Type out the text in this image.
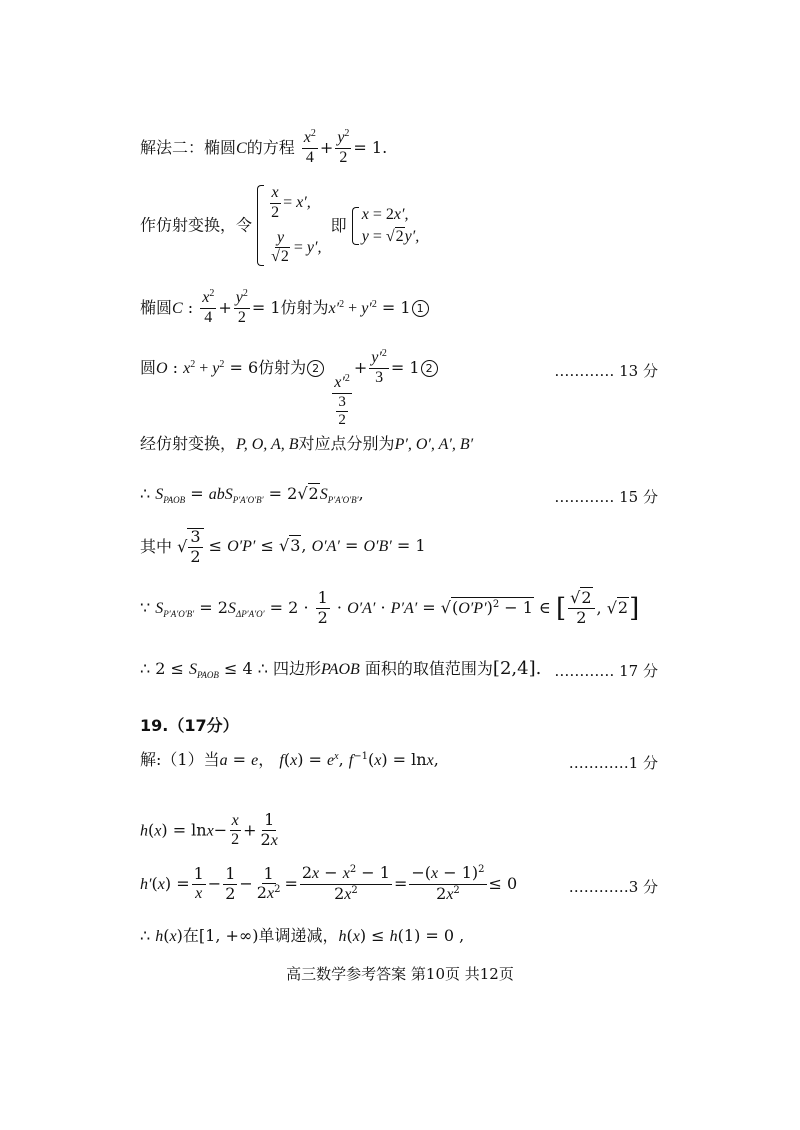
解法二：椭圆C的方程 $\frac{x^2}{4} + \frac{y^2}{2} = 1$.
作仿射变换，令
$\frac{x}{2} = x'$,
$\frac{y}{√2} = y'$,
即
x = 2x′,
y = √2y′,
椭圆C : $\frac{x^2}{4} + \frac{y^2}{2} = 1$仿射为$x'^2 + y'^2 = 1$ 1
圆O : $x^2 + y^2 = 6$仿射为 2
$\frac{x'^2}{\frac{3}{2}}$
+ $\frac{y'^2}{3} = 1$ 2	………… 13 分
经仿射变换，P, O, A, B对应点分别为P′, O′, A′, B′
∴ $S_{PAOB} = abS_{P'A'O'B'} = 2√2S_{P'A'O'B'}$,	………… 15 分
其中 √ $\frac{3}{2} \le O'P' \le √3$, O′A′ = O′B′ = 1
∵ $S_{P'A'O'B'} = 2S_{\Delta P'A'O'} = 2 \cdot \frac{1}{2} \cdot O'A' \cdot P'A' = √(O'P')^2 - 1$ ∈ [ $\frac{√2}{2}$ , √2]
∴ $2 \le S_{PAOB} \le 4$ ∴ 四边形PAOB 面积的取值范围为[2,4]. ………… 17 分
19.（17分）
解:（1）当a = e， $f(x) = e^x$, $f^{-1}(x) = \ln x$,	…………1 分
$h(x) = \ln x- \frac{x}{2} + \frac{1}{2x}$
$h'(x) = \frac{1}{x} - \frac{1}{2} - \frac{1}{2x^2} = \frac{2x - x^2 - 1}{2x^2} = \frac{-(x - 1)^2}{2x^2} \le 0$	…………3 分
∴ h(x)在[1, +∞)单调递减，h(x) ≤ h(1) = 0 ,
高三数学参考答案 第10页 共12页
